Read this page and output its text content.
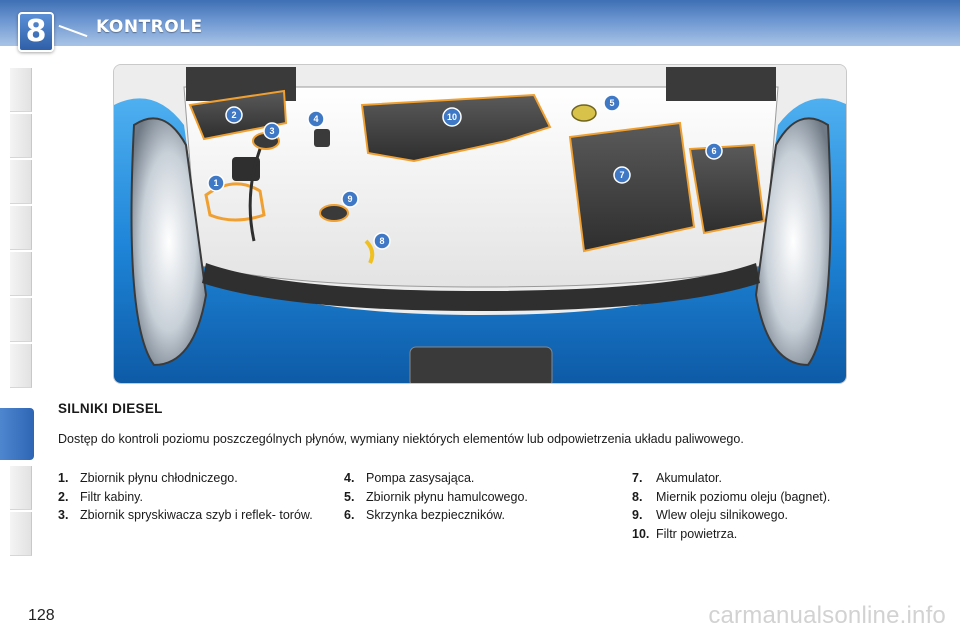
8	KONTROLE
1
2
3
4
5
6
7
8
9
10
SILNIKI DIESEL
Dostęp do kontroli poziomu poszczególnych płynów, wymiany niektórych elementów lub odpowietrzenia układu paliwowego.
1. Zbiornik płynu chłodniczego.
2. Filtr kabiny.
3. Zbiornik spryskiwacza szyb i reflek- torów.
4. Pompa zasysająca.
5. Zbiornik płynu hamulcowego.
6. Skrzynka bezpieczników.
7.	Akumulator.
8.	Miernik poziomu oleju (bagnet).
9.	Wlew oleju silnikowego.
10. Filtr powietrza.
128	carmanualsonline.info
